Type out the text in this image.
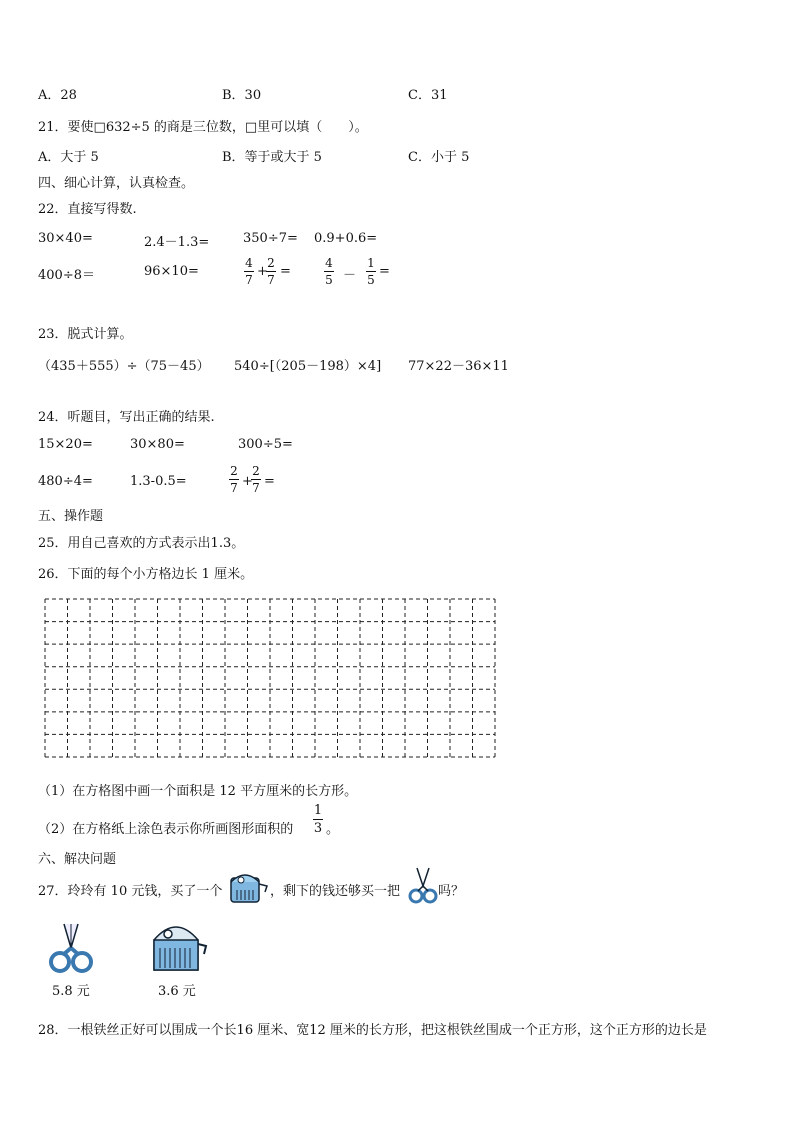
A．28	B．30	C．31
21．要使□632÷5 的商是三位数，□里可以填（　　）。
A．大于 5	B．等于或大于 5	C．小于 5
四、细心计算，认真检查。
22．直接写得数.
30×40=	2.4－1.3=	350÷7= 0.9+0.6=
400÷8＝	96×10=
4
7
+
2
7
=
4
5 －
1
5
=
23．脱式计算。
（435＋555）÷（75－45） 540÷[（205－198）×4] 77×22－36×11
24．听题目，写出正确的结果.
15×20=	30×80=	300÷5=
480÷4=	1.3-0.5=
2
7 +
2
7 =
五、操作题
25．用自己喜欢的方式表示出1.3。
26．下面的每个小方格边长 1 厘米。
（1）在方格图中画一个面积是 12 平方厘米的长方形。
（2）在方格纸上涂色表示你所画图形面积的
1
3 。
六、解决问题
27．玲玲有 10 元钱，买了一个	，剩下的钱还够买一把	吗？
5.8 元	3.6 元
28．一根铁丝正好可以围成一个长16 厘米、宽12 厘米的长方形，把这根铁丝围成一个正方形，这个正方形的边长是
